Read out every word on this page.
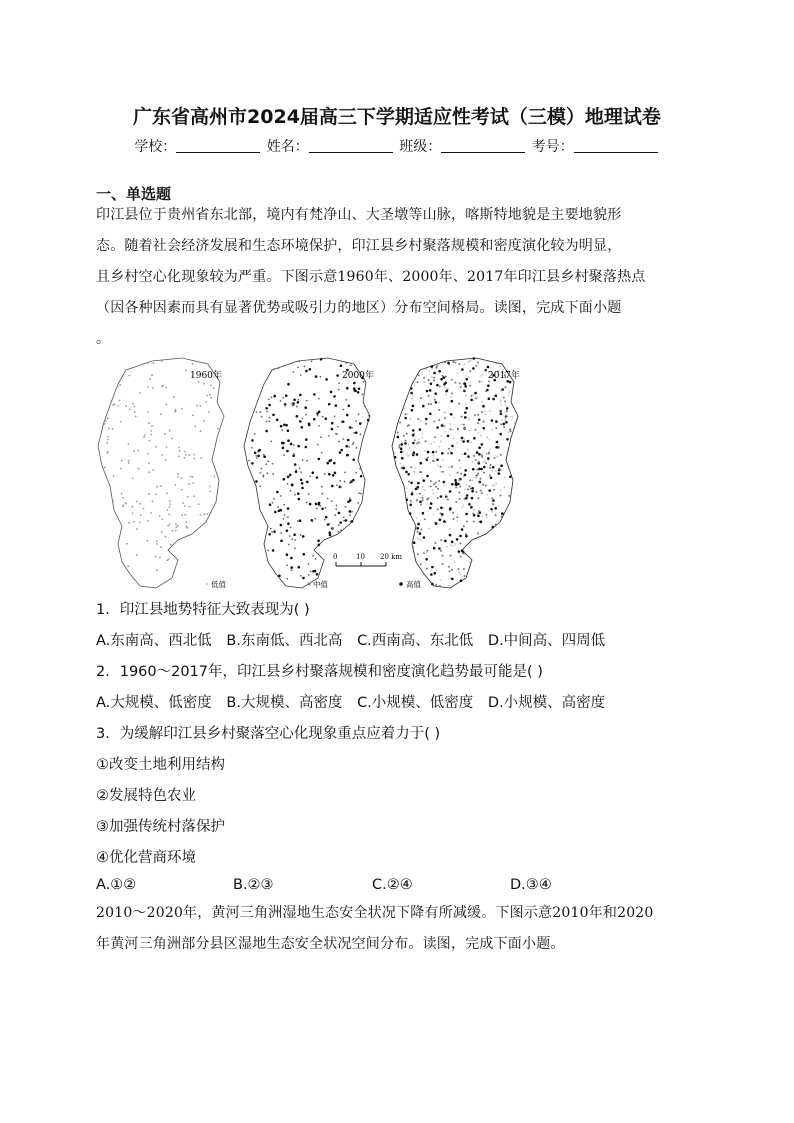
广东省高州市2024届高三下学期适应性考试（三模）地理试卷
学校：	姓名：	班级：	考号：
一、单选题
印江县位于贵州省东北部，境内有梵净山、大圣墩等山脉，喀斯特地貌是主要地貌形
态。随着社会经济发展和生态环境保护，印江县乡村聚落规模和密度演化较为明显，
且乡村空心化现象较为严重。下图示意1960年、2000年、2017年印江县乡村聚落热点
（因各种因素而具有显著优势或吸引力的地区）分布空间格局。读图，完成下面小题
。
1960年	2000年	2017年
0	10 20 km
低值	中值	高值
1．印江县地势特征大致表现为( )
A.东南高、西北低 B.东南低、西北高 C.西南高、东北低 D.中间高、四周低
2．1960～2017年，印江县乡村聚落规模和密度演化趋势最可能是( )
A.大规模、低密度 B.大规模、高密度 C.小规模、低密度 D.小规模、高密度
3．为缓解印江县乡村聚落空心化现象重点应着力于( )
①改变土地利用结构
②发展特色农业
③加强传统村落保护
④优化营商环境
A.①②	B.②③	C.②④	D.③④
2010～2020年，黄河三角洲湿地生态安全状况下降有所减缓。下图示意2010年和2020
年黄河三角洲部分县区湿地生态安全状况空间分布。读图，完成下面小题。
